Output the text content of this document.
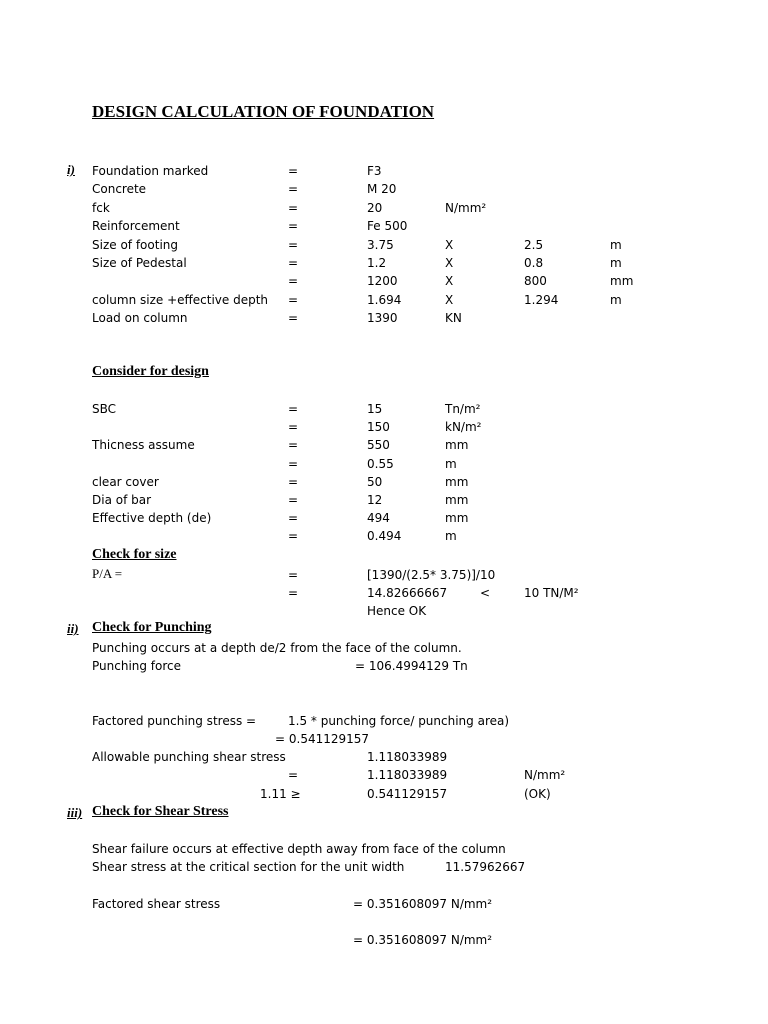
DESIGN CALCULATION OF FOUNDATION
i) Foundation marked	=	F3
Concrete	=	M 20
fck	=	20	N/mm²
Reinforcement	=	Fe 500
Size of footing	=	3.75	X	2.5	m
Size of Pedestal	=	1.2	X	0.8	m
=	1200	X	800	mm
column size +effective depth =	1.694	X	1.294	m
Load on column	=	1390	KN
Consider for design
SBC	=	15	Tn/m²
=	150	kN/m²
Thicness assume	=	550	mm
=	0.55	m
clear cover	=	50	mm
Dia of bar	=	12	mm
Effective depth (de)	=	494	mm
=	0.494	m
Check for size
P/A =	=	[1390/(2.5* 3.75)]/10
=	14.82666667	<	10 TN/M²
Hence OK
ii) Check for Punching
Punching occurs at a depth de/2 from the face of the column.
Punching force	= 106.4994129 Tn
Factored punching stress =	1.5 * punching force/ punching area)
= 0.541129157
Allowable punching shear stress	1.118033989
=	1.118033989	N/mm²
1.11 ≥	0.541129157	(OK)
iii) Check for Shear Stress
Shear failure occurs at effective depth away from face of the column
Shear stress at the critical section for the unit width	11.57962667
Factored shear stress	= 0.351608097 N/mm²
= 0.351608097 N/mm²
